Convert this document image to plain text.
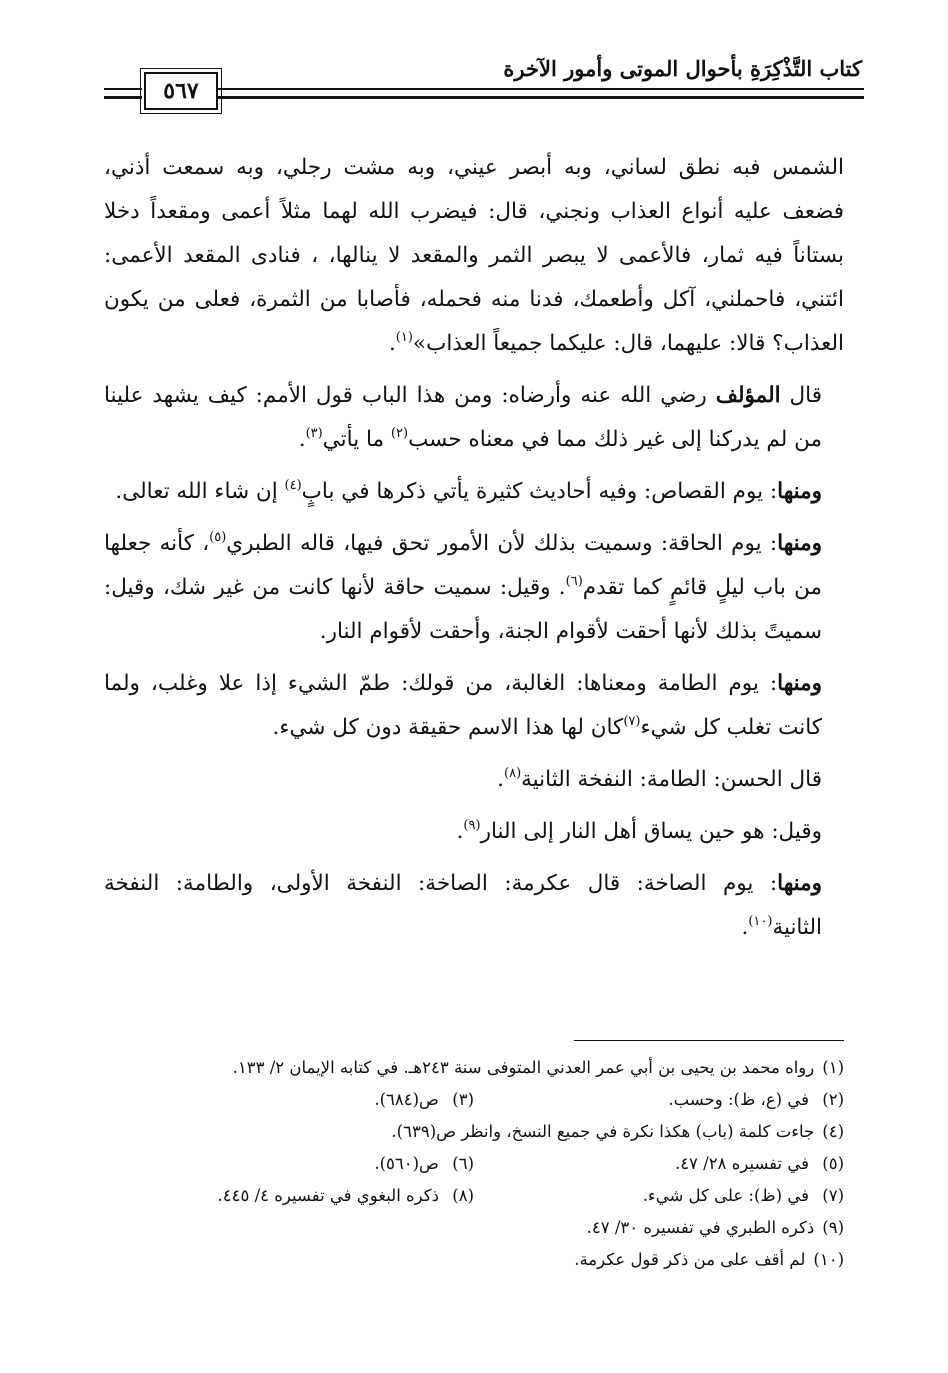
كتاب التَّذْكِرَةِ بأحوال الموتى وأمور الآخرة
٥٦٧

الشمس فبه نطق لساني، وبه أبصر عيني، وبه مشت رجلي، وبه سمعت أذني، فضعف عليه أنواع العذاب ونجني، قال: فيضرب الله لهما مثلاً أعمى ومقعداً دخلا بستاناً فيه ثمار، فالأعمى لا يبصر الثمر والمقعد لا ينالها، ، فنادى المقعد الأعمى: ائتني، فاحملني، آكل وأطعمك، فدنا منه فحمله، فأصابا من الثمرة، فعلى من يكون العذاب؟ قالا: عليهما، قال: عليكما جميعاً العذاب»$^{(١)}$.

قال المؤلف رضي الله عنه وأرضاه: ومن هذا الباب قول الأمم: كيف يشهد علينا من لم يدركنا إلى غير ذلك مما في معناه حسب$^{(٢)}$ ما يأتي$^{(٣)}$.

ومنها: يوم القصاص: وفيه أحاديث كثيرة يأتي ذكرها في بابٍ$^{(٤)}$ إن شاء الله تعالى.

ومنها: يوم الحاقة: وسميت بذلك لأن الأمور تحق فيها، قاله الطبري$^{(٥)}$، كأنه جعلها من باب ليلٍ قائمٍ كما تقدم$^{(٦)}$. وقيل: سميت حاقة لأنها كانت من غير شك، وقيل: سميتً بذلك لأنها أحقت لأقوام الجنة، وأحقت لأقوام النار.

ومنها: يوم الطامة ومعناها: الغالبة، من قولك: طمّ الشيء إذا علا وغلب، ولما كانت تغلب كل شيء$^{(٧)}$كان لها هذا الاسم حقيقة دون كل شيء.

قال الحسن: الطامة: النفخة الثانية$^{(٨)}$.

وقيل: هو حين يساق أهل النار إلى النار$^{(٩)}$.

ومنها: يوم الصاخة: قال عكرمة: الصاخة: النفخة الأولى، والطامة: النفخة الثانية$^{(١٠)}$.

(١)
رواه محمد بن يحيى بن أبي عمر العدني المتوفى سنة ٢٤٣هـ. في كتابه الإيمان ٢/ ١٣٣.
(٢) في (ع، ظ): وحسب.
(٣) ص(٦٨٤).
(٤)
جاءت كلمة (باب) هكذا نكرة في جميع النسخ، وانظر ص(٦٣٩).
(٥) في تفسيره ٢٨/ ٤٧.
(٦) ص(٥٦٠).
(٧) في (ظ): على كل شيء.
(٨) ذكره البغوي في تفسيره ٤/ ٤٤٥.
(٩)
ذكره الطبري في تفسيره ٣٠/ ٤٧.
(١٠)
لم أقف على من ذكر قول عكرمة.
